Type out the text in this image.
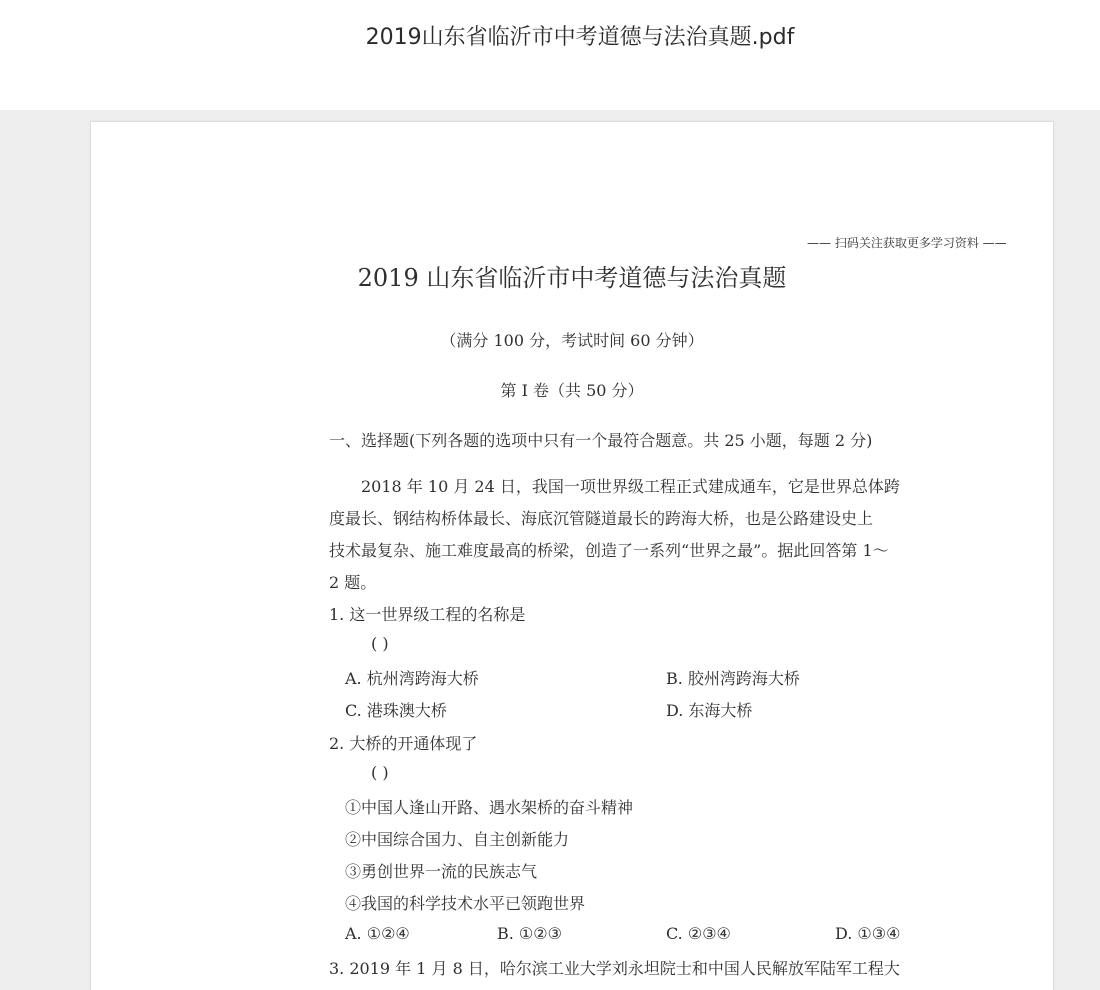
2019山东省临沂市中考道德与法治真题.pdf
—— 扫码关注获取更多学习资料 ——
2019 山东省临沂市中考道德与法治真题
（满分 100 分，考试时间 60 分钟）
第 I 卷（共 50 分）
一、选择题(下列各题的选项中只有一个最符合题意。共 25 小题，每题 2 分)
2018 年 10 月 24 日，我国一项世界级工程正式建成通车，它是世界总体跨
度最长、钢结构桥体最长、海底沉管隧道最长的跨海大桥，也是公路建设史上
技术最复杂、施工难度最高的桥梁，创造了一系列“世界之最”。据此回答第 1～
2 题。
1. 这一世界级工程的名称是
( )
A. 杭州湾跨海大桥	B. 胶州湾跨海大桥
C. 港珠澳大桥	D. 东海大桥
2. 大桥的开通体现了
( )
①中国人逢山开路、遇水架桥的奋斗精神
②中国综合国力、自主创新能力
③勇创世界一流的民族志气
④我国的科学技术水平已领跑世界
A. ①②④	B. ①②③	C. ②③④	D. ①③④
3. 2019 年 1 月 8 日，哈尔滨工业大学刘永坦院士和中国人民解放军陆军工程大
